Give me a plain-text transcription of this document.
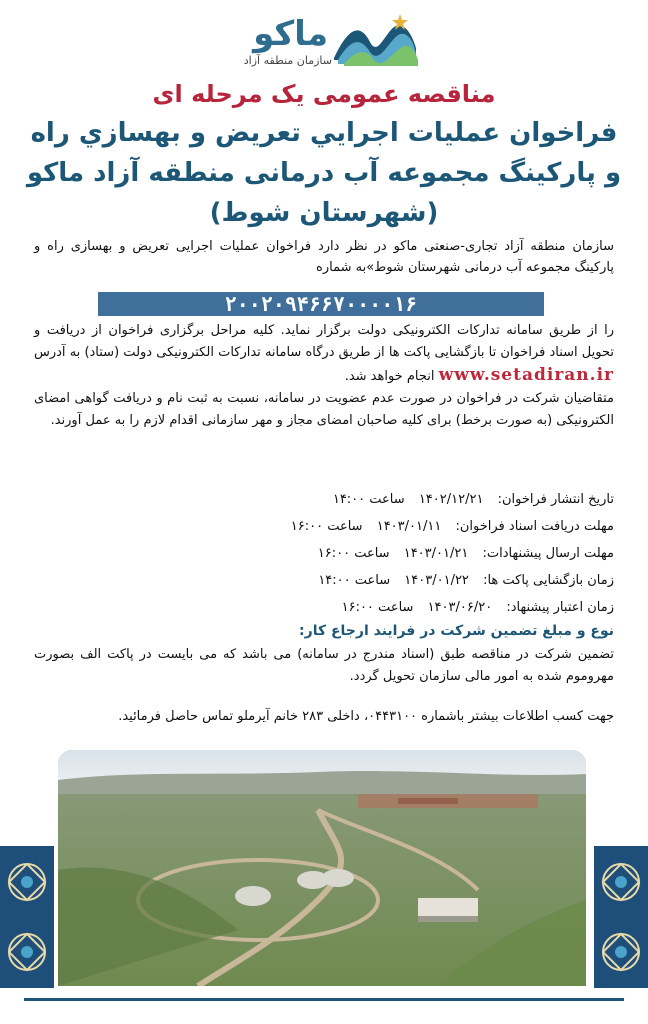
ماکو
سازمان منطقه آزاد
مناقصه عمومی یک مرحله ای
فراخوان عمليات اجرايي تعريض و بهسازي راه
و پارکینگ مجموعه آب درمانی منطقه آزاد ماکو
(شهرستان شوط)
سازمان منطقه آزاد تجاری-صنعتی ماکو در نظر دارد فراخوان عملیات اجرایی تعریض و بهسازی راه و پارکینگ مجموعه آب درمانی شهرستان شوط»به شماره
۲۰۰۲۰۹۴۶۶۷۰۰۰۰۱۶
را از طریق سامانه تدارکات الکترونیکی دولت برگزار نماید. کلیه مراحل برگزاری فراخوان از دریافت و تحویل اسناد فراخوان تا بازگشایی پاکت ها از طریق درگاه سامانه تدارکات الکترونیکی دولت (ستاد) به آدرس www.setadiran.ir انجام خواهد شد.
متقاضیان شرکت در فراخوان در صورت عدم عضویت در سامانه، نسبت به ثبت نام و دریافت گواهی امضای الکترونیکی (به صورت برخط) برای کلیه صاحبان امضای مجاز و مهر سازمانی اقدام لازم را به عمل آورند.
تاریخ انتشار فراخوان: ۱۴۰۲/۱۲/۲۱ ساعت ۱۴:۰۰
مهلت دریافت اسناد فراخوان: ۱۴۰۳/۰۱/۱۱ ساعت ۱۶:۰۰
مهلت ارسال پیشنهادات: ۱۴۰۳/۰۱/۲۱ ساعت ۱۶:۰۰
زمان بازگشایی پاکت ها: ۱۴۰۳/۰۱/۲۲ ساعت ۱۴:۰۰
زمان اعتبار پیشنهاد: ۱۴۰۳/۰۶/۲۰ ساعت ۱۶:۰۰
نوع و مبلغ تضمین شرکت در فرایند ارجاع کار:
تضمین شرکت در مناقصه طبق (اسناد مندرج در سامانه) می باشد که می بایست در پاکت الف بصورت مهروموم شده به امور مالی سازمان تحویل گردد.
جهت کسب اطلاعات بیشتر باشماره ۰۴۴۳۱۰۰، داخلی ۲۸۳ خانم آیرملو تماس حاصل فرمائید.
